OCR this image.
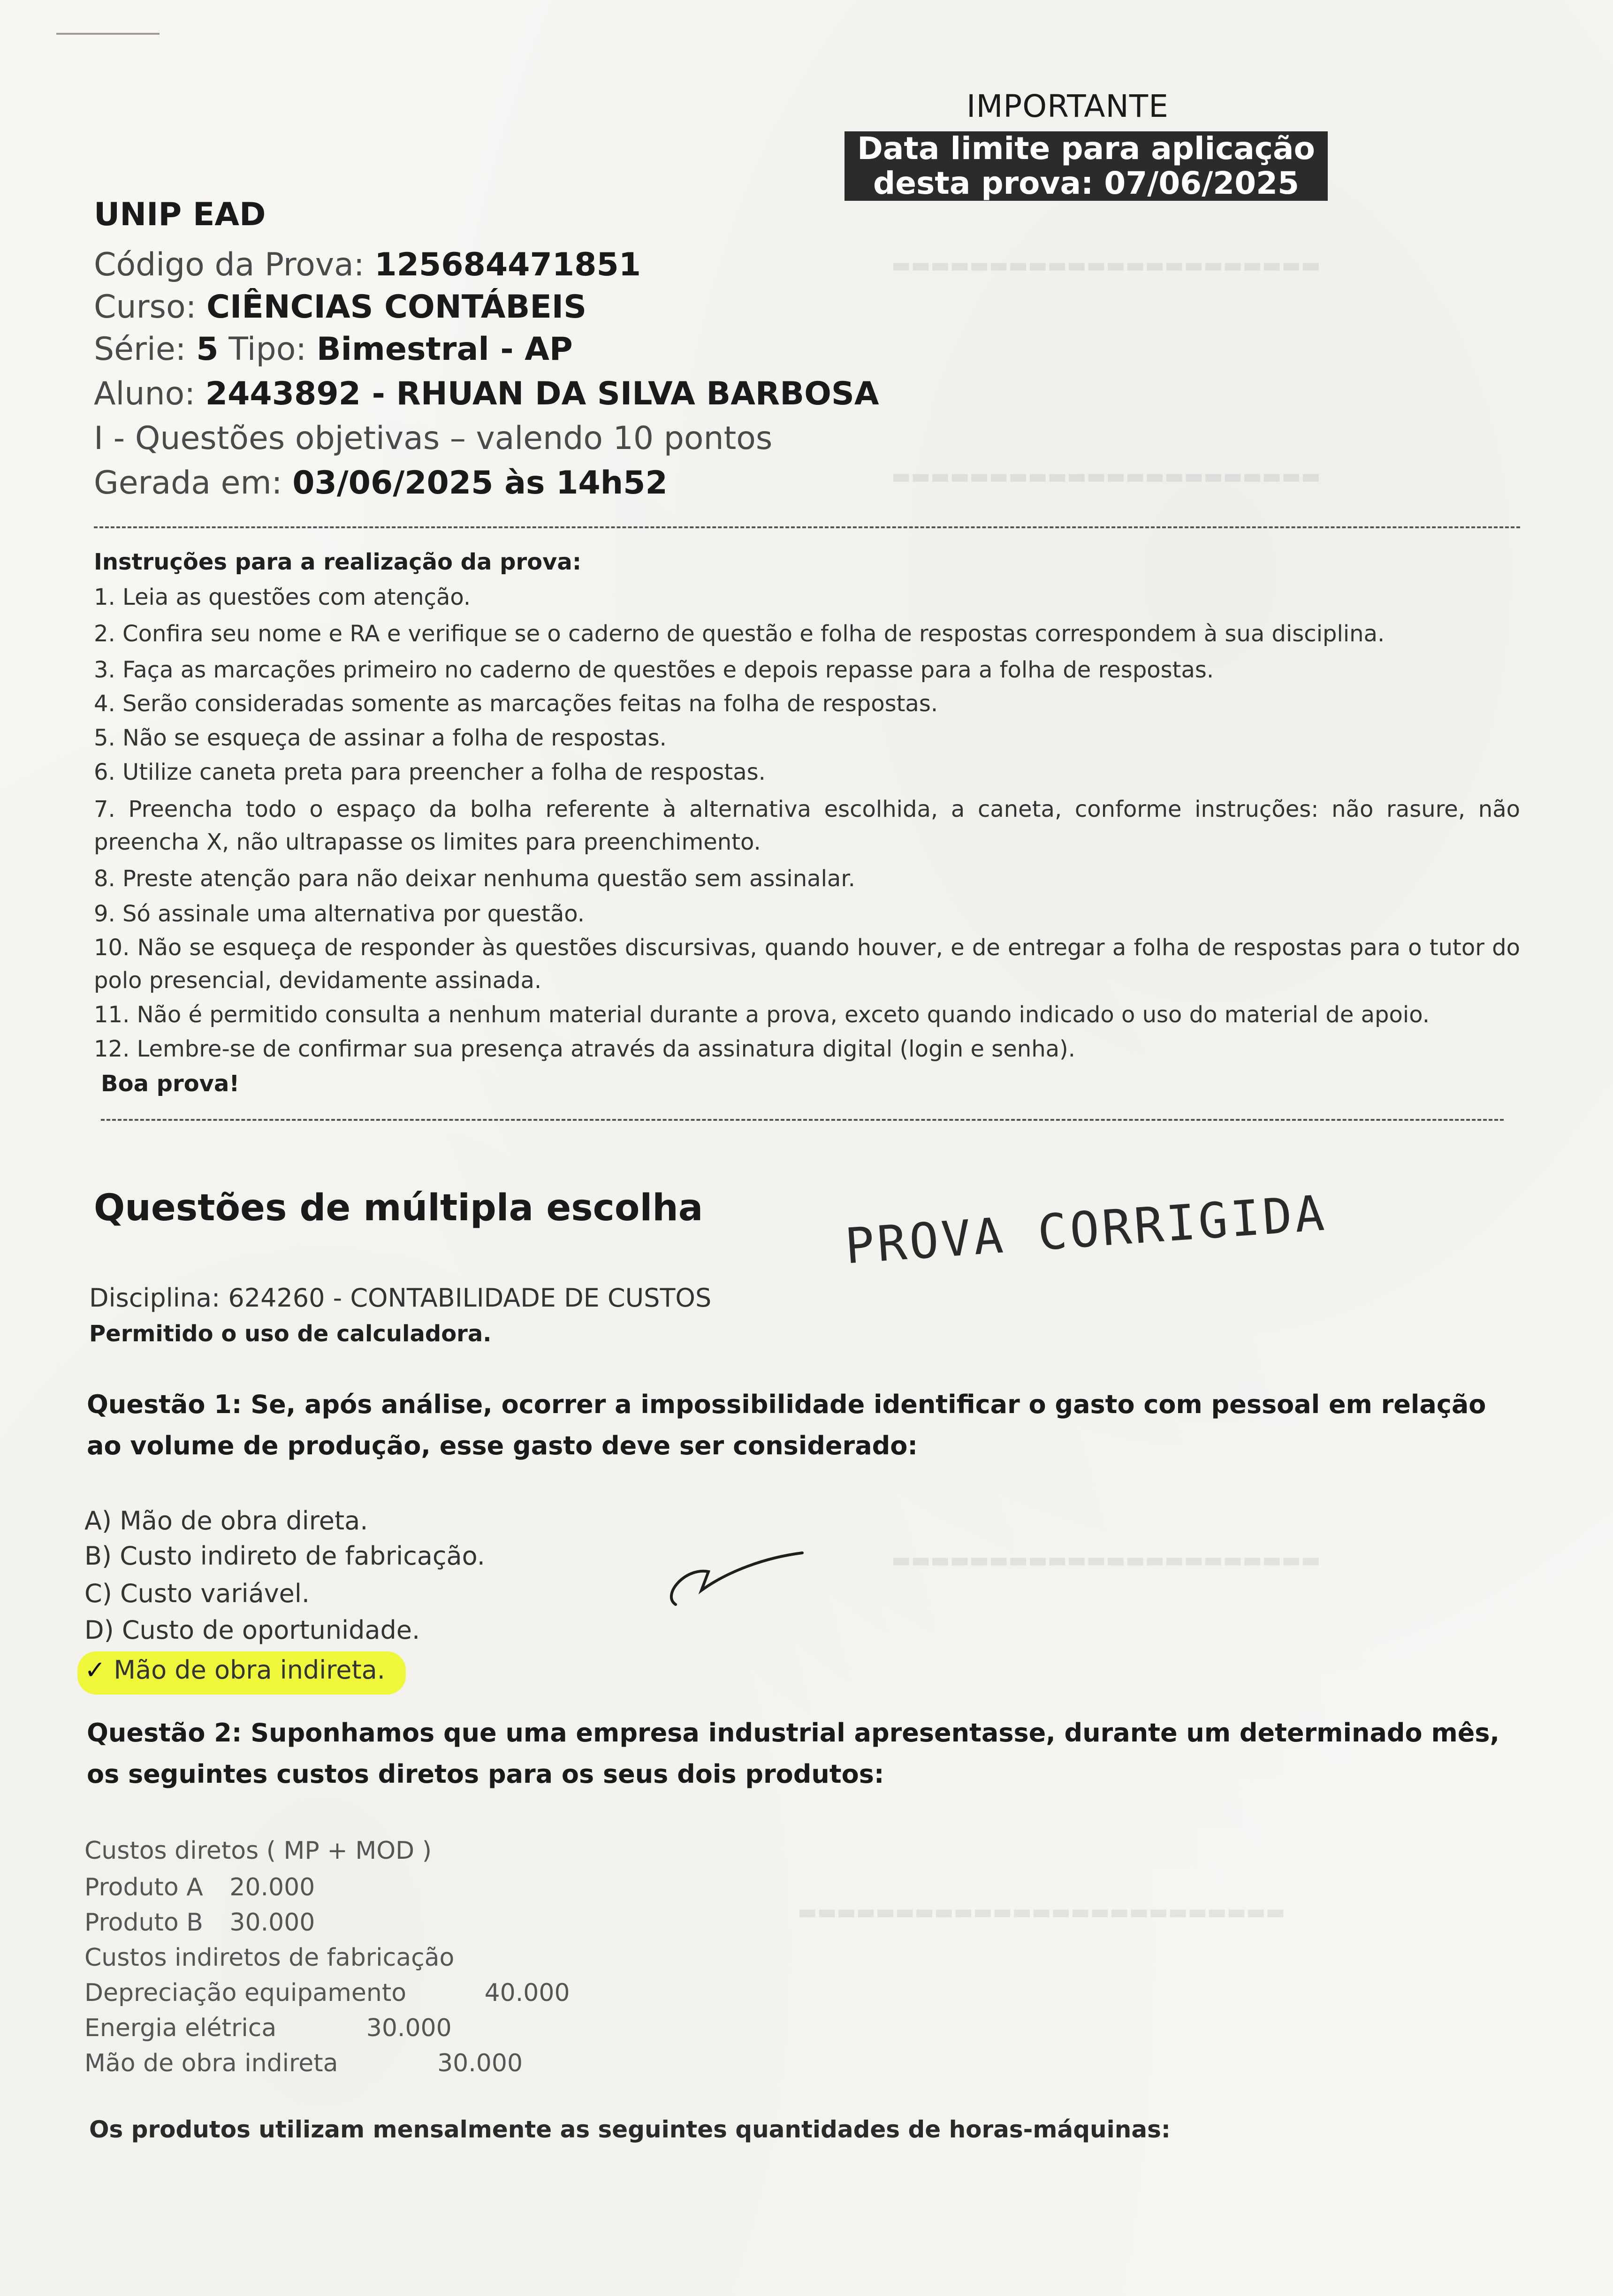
▬▬▬▬▬▬▬▬▬▬▬▬▬▬▬▬▬▬▬▬▬▬
▬▬▬▬▬▬▬▬▬▬▬▬▬▬▬▬▬▬▬▬▬▬
▬▬▬▬▬▬▬▬▬▬▬▬▬▬▬▬▬▬▬▬▬▬
▬▬▬▬▬▬▬▬▬▬▬▬▬▬▬▬▬▬▬▬▬▬▬▬▬
IMPORTANTE
Data limite para aplicação
desta prova: 07/06/2025
UNIP EAD
Código da Prova: 125684471851
Curso: CIÊNCIAS CONTÁBEIS
Série: 5 Tipo: Bimestral - AP
Aluno: 2443892 - RHUAN DA SILVA BARBOSA
I - Questões objetivas – valendo 10 pontos
Gerada em: 03/06/2025 às 14h52
Instruções para a realização da prova:
1. Leia as questões com atenção.
2. Confira seu nome e RA e verifique se o caderno de questão e folha de respostas correspondem à sua disciplina.
3. Faça as marcações primeiro no caderno de questões e depois repasse para a folha de respostas.
4. Serão consideradas somente as marcações feitas na folha de respostas.
5. Não se esqueça de assinar a folha de respostas.
6. Utilize caneta preta para preencher a folha de respostas.
7. Preencha todo o espaço da bolha referente à alternativa escolhida, a caneta, conforme instruções: não rasure, não preencha X, não ultrapasse os limites para preenchimento.
8. Preste atenção para não deixar nenhuma questão sem assinalar.
9. Só assinale uma alternativa por questão.
10. Não se esqueça de responder às questões discursivas, quando houver, e de entregar a folha de respostas para o tutor do polo presencial, devidamente assinada.
11. Não é permitido consulta a nenhum material durante a prova, exceto quando indicado o uso do material de apoio.
12. Lembre-se de confirmar sua presença através da assinatura digital (login e senha).
Boa prova!
Questões de múltipla escolha	PROVA CORRIGIDA
Disciplina: 624260 - CONTABILIDADE DE CUSTOS
Permitido o uso de calculadora.
Questão 1: Se, após análise, ocorrer a impossibilidade identificar o gasto com pessoal em relação ao volume de produção, esse gasto deve ser considerado:
A) Mão de obra direta.
B) Custo indireto de fabricação.
C) Custo variável.
D) Custo de oportunidade.
✓ Mão de obra indireta.
Questão 2: Suponhamos que uma empresa industrial apresentasse, durante um determinado mês, os seguintes custos diretos para os seus dois produtos:
Custos diretos ( MP + MOD )
Produto A 20.000
Produto B 30.000
Custos indiretos de fabricação
Depreciação equipamento	40.000
Energia elétrica	30.000
Mão de obra indireta	30.000
Os produtos utilizam mensalmente as seguintes quantidades de horas-máquinas:
